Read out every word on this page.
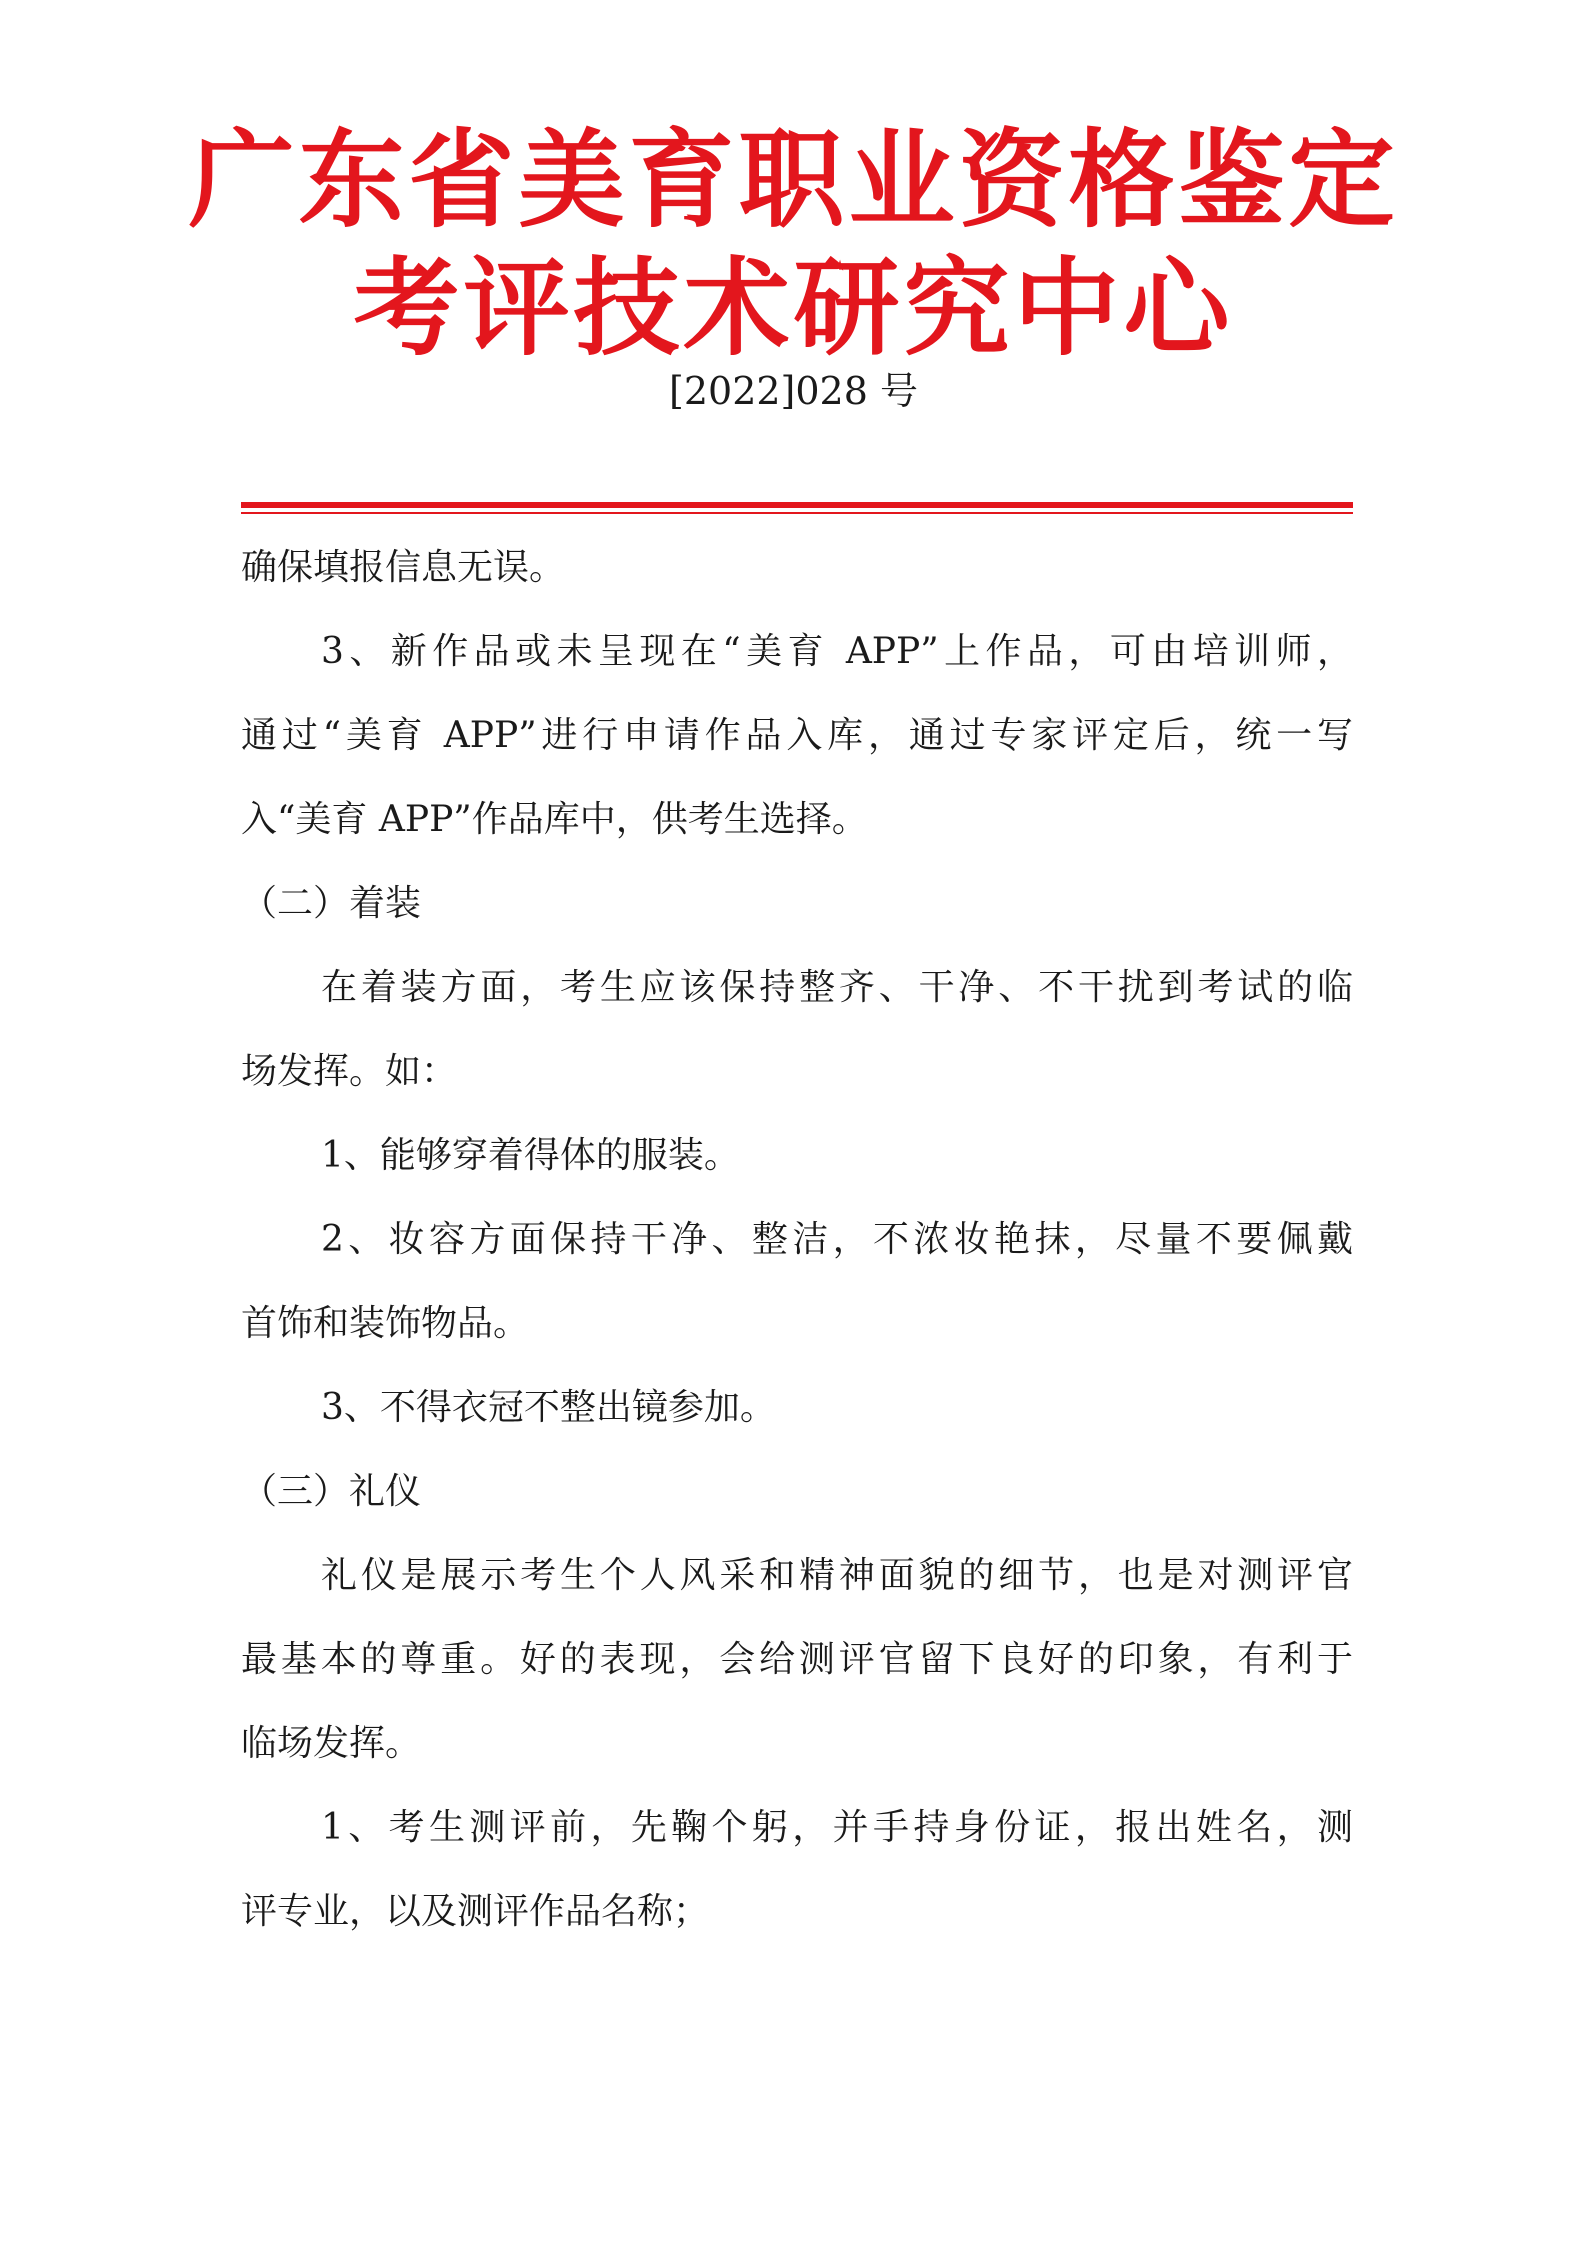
广东省美育职业资格鉴定
考评技术研究中心
[2022]028 号
确保填报信息无误。
3、新作品或未呈现在“美育 APP”上作品，可由培训师，
通过“美育 APP”进行申请作品入库，通过专家评定后，统一写
入“美育 APP”作品库中，供考生选择。
（二）着装
在着装方面，考生应该保持整齐、干净、不干扰到考试的临
场发挥。如：
1、能够穿着得体的服装。
2、妆容方面保持干净、整洁，不浓妆艳抹，尽量不要佩戴
首饰和装饰物品。
3、不得衣冠不整出镜参加。
（三）礼仪
礼仪是展示考生个人风采和精神面貌的细节，也是对测评官
最基本的尊重。好的表现，会给测评官留下良好的印象，有利于
临场发挥。
1、考生测评前，先鞠个躬，并手持身份证，报出姓名，测
评专业，以及测评作品名称；
